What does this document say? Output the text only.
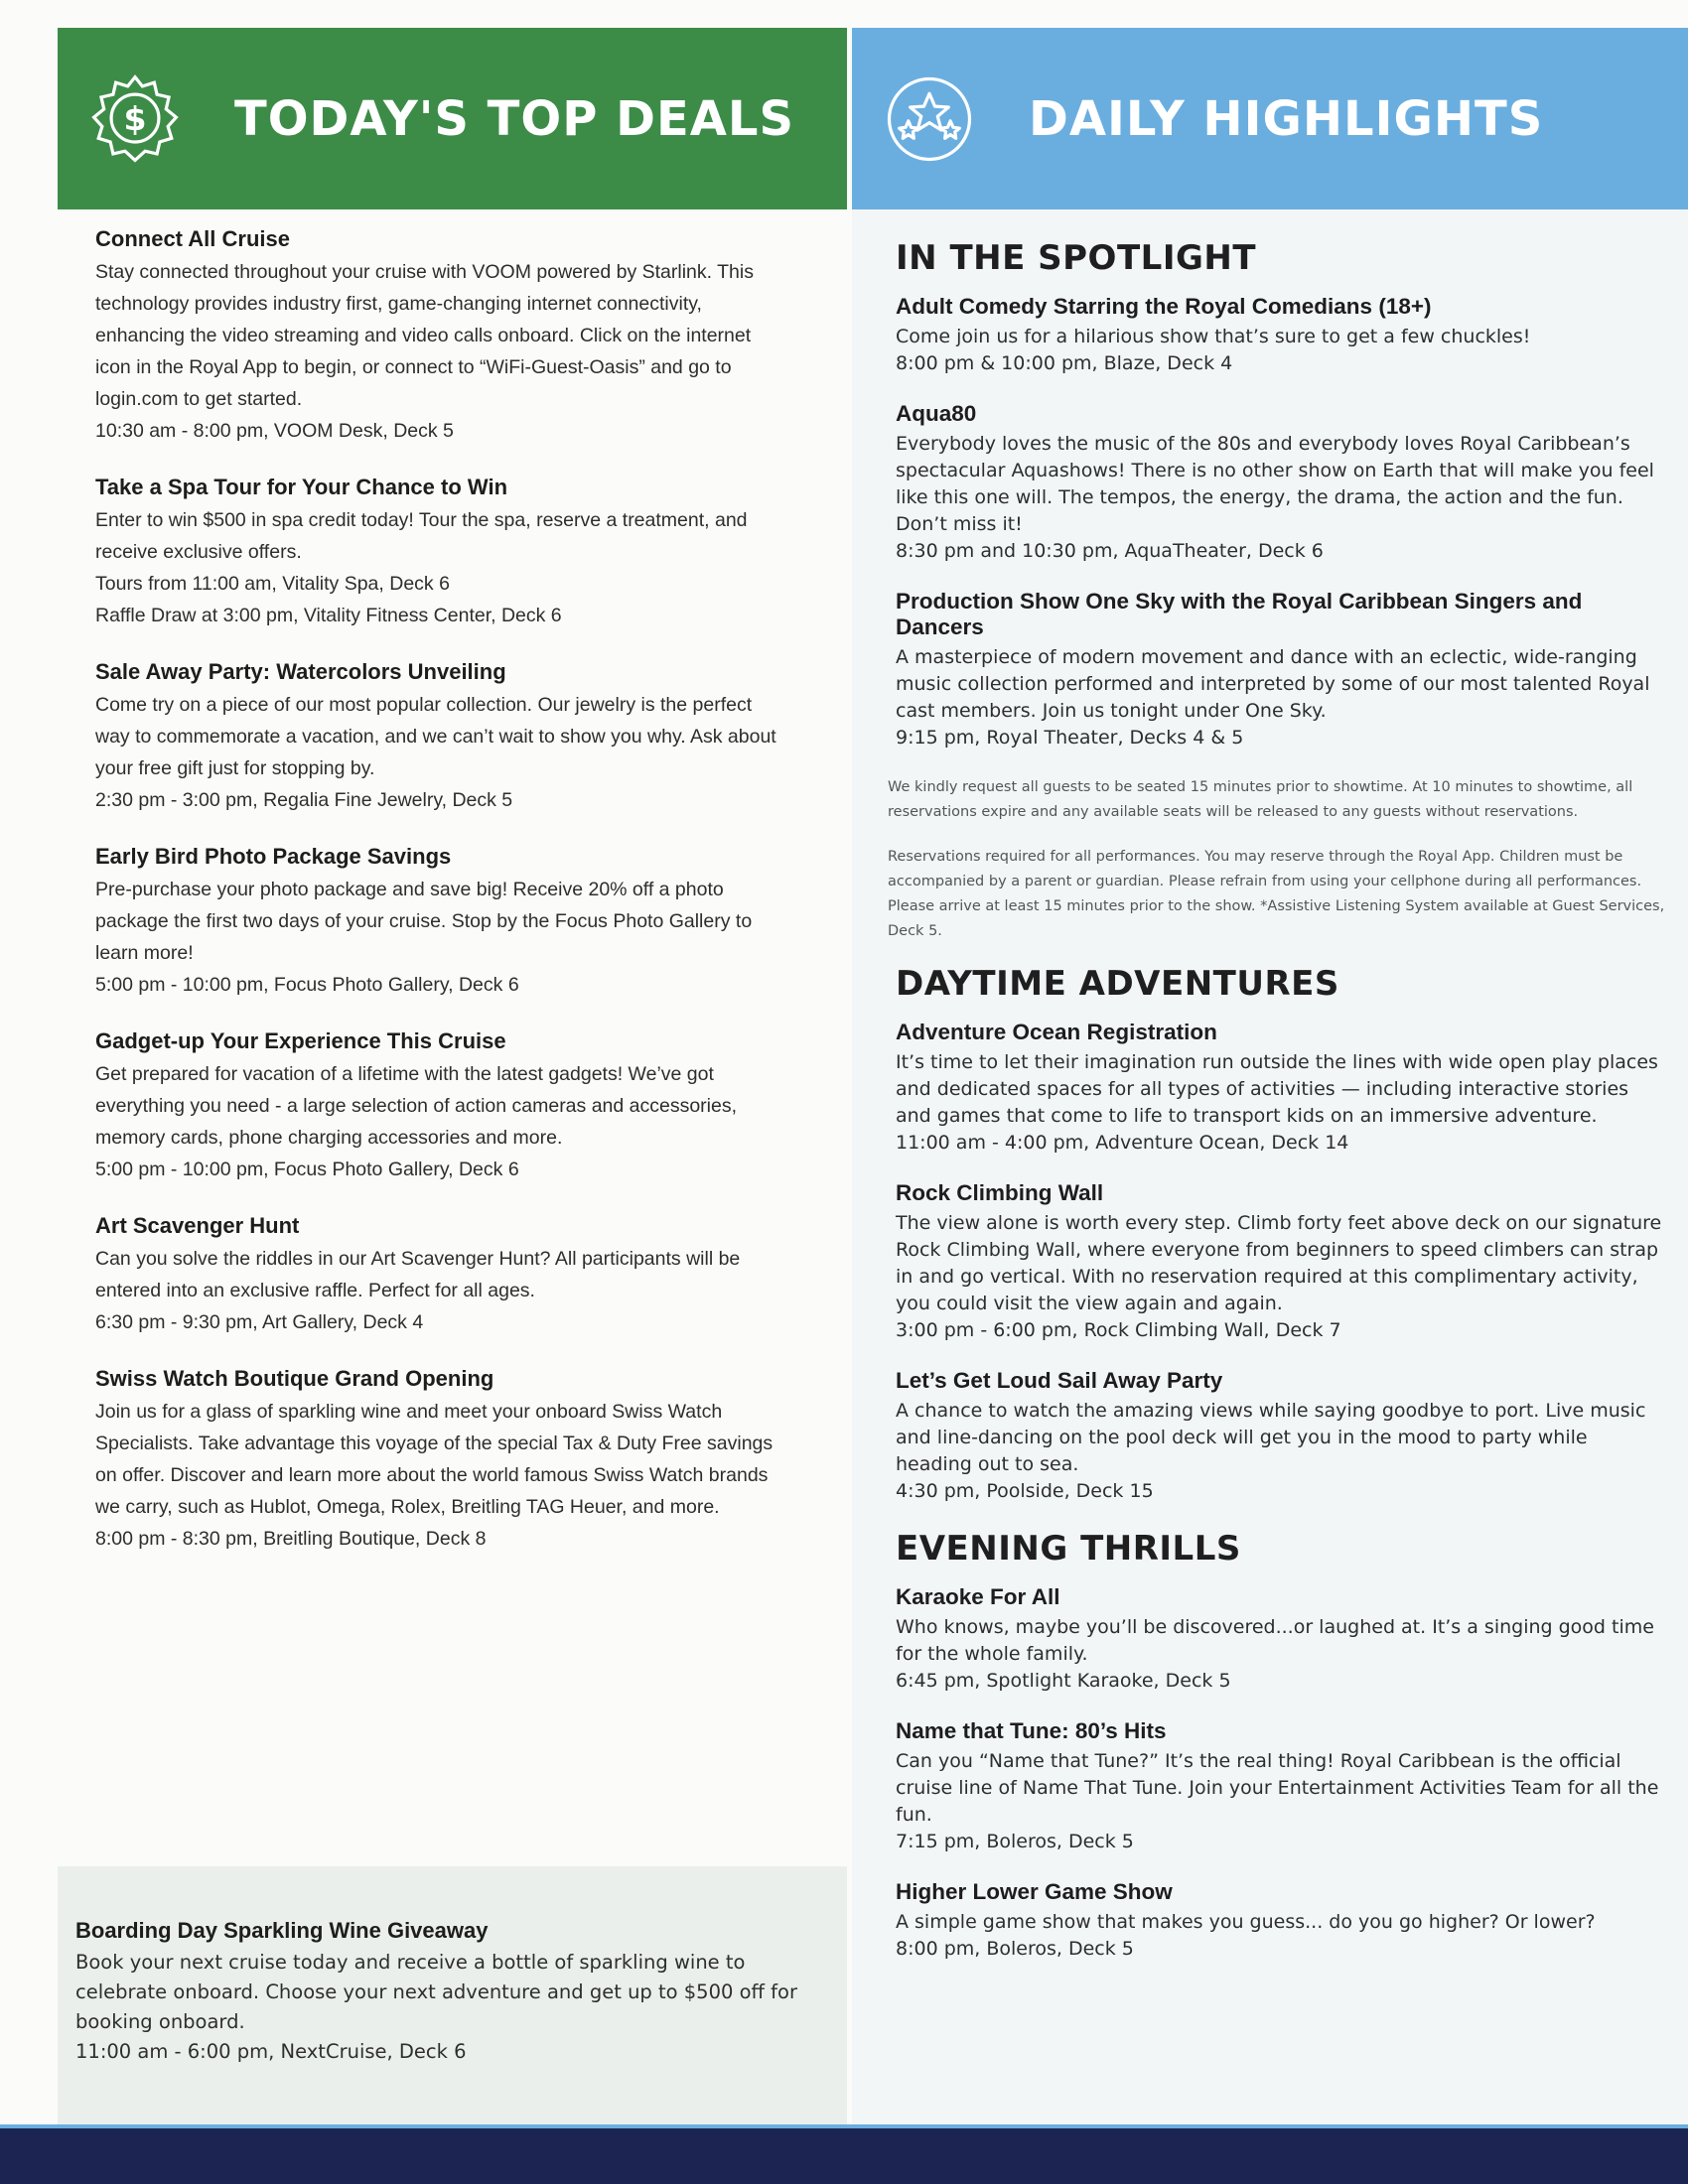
$ TODAY'S TOP DEALS	DAILY HIGHLIGHTS
Connect All Cruise
Stay connected throughout your cruise with VOOM powered by Starlink. This technology provides industry first, game-changing internet connectivity, enhancing the video streaming and video calls onboard. Click on the internet icon in the Royal App to begin, or connect to “WiFi-Guest-Oasis” and go to login.com to get started.
10:30 am - 8:00 pm, VOOM Desk, Deck 5
Take a Spa Tour for Your Chance to Win
Enter to win $500 in spa credit today! Tour the spa, reserve a treatment, and receive exclusive offers.
Tours from 11:00 am, Vitality Spa, Deck 6
Raffle Draw at 3:00 pm, Vitality Fitness Center, Deck 6
Sale Away Party: Watercolors Unveiling
Come try on a piece of our most popular collection. Our jewelry is the perfect way to commemorate a vacation, and we can’t wait to show you why. Ask about your free gift just for stopping by.
2:30 pm - 3:00 pm, Regalia Fine Jewelry, Deck 5
Early Bird Photo Package Savings
Pre-purchase your photo package and save big! Receive 20% off a photo package the first two days of your cruise. Stop by the Focus Photo Gallery to learn more!
5:00 pm - 10:00 pm, Focus Photo Gallery, Deck 6
Gadget-up Your Experience This Cruise
Get prepared for vacation of a lifetime with the latest gadgets! We’ve got everything you need - a large selection of action cameras and accessories, memory cards, phone charging accessories and more.
5:00 pm - 10:00 pm, Focus Photo Gallery, Deck 6
Art Scavenger Hunt
Can you solve the riddles in our Art Scavenger Hunt? All participants will be entered into an exclusive raffle. Perfect for all ages.
6:30 pm - 9:30 pm, Art Gallery, Deck 4
Swiss Watch Boutique Grand Opening
Join us for a glass of sparkling wine and meet your onboard Swiss Watch Specialists. Take advantage this voyage of the special Tax & Duty Free savings on offer. Discover and learn more about the world famous Swiss Watch brands we carry, such as Hublot, Omega, Rolex, Breitling TAG Heuer, and more.
8:00 pm - 8:30 pm, Breitling Boutique, Deck 8
Boarding Day Sparkling Wine Giveaway
Book your next cruise today and receive a bottle of sparkling wine to celebrate onboard. Choose your next adventure and get up to $500 off for booking onboard.
11:00 am - 6:00 pm, NextCruise, Deck 6
IN THE SPOTLIGHT
Adult Comedy Starring the Royal Comedians (18+)
Come join us for a hilarious show that’s sure to get a few chuckles!
8:00 pm & 10:00 pm, Blaze, Deck 4
Aqua80
Everybody loves the music of the 80s and everybody loves Royal Caribbean’s spectacular Aquashows! There is no other show on Earth that will make you feel like this one will. The tempos, the energy, the drama, the action and the fun. Don’t miss it!
8:30 pm and 10:30 pm, AquaTheater, Deck 6
Production Show One Sky with the Royal Caribbean Singers and Dancers
A masterpiece of modern movement and dance with an eclectic, wide-ranging music collection performed and interpreted by some of our most talented Royal cast members. Join us tonight under One Sky.
9:15 pm, Royal Theater, Decks 4 & 5
We kindly request all guests to be seated 15 minutes prior to showtime. At 10 minutes to showtime, all reservations expire and any available seats will be released to any guests without reservations.
Reservations required for all performances. You may reserve through the Royal App. Children must be accompanied by a parent or guardian. Please refrain from using your cellphone during all performances. Please arrive at least 15 minutes prior to the show. *Assistive Listening System available at Guest Services, Deck 5.
DAYTIME ADVENTURES
Adventure Ocean Registration
It’s time to let their imagination run outside the lines with wide open play places and dedicated spaces for all types of activities — including interactive stories and games that come to life to transport kids on an immersive adventure.
11:00 am - 4:00 pm, Adventure Ocean, Deck 14
Rock Climbing Wall
The view alone is worth every step. Climb forty feet above deck on our signature Rock Climbing Wall, where everyone from beginners to speed climbers can strap in and go vertical. With no reservation required at this complimentary activity, you could visit the view again and again.
3:00 pm - 6:00 pm, Rock Climbing Wall, Deck 7
Let’s Get Loud Sail Away Party
A chance to watch the amazing views while saying goodbye to port. Live music and line-dancing on the pool deck will get you in the mood to party while heading out to sea.
4:30 pm, Poolside, Deck 15
EVENING THRILLS
Karaoke For All
Who knows, maybe you’ll be discovered...or laughed at. It’s a singing good time for the whole family.
6:45 pm, Spotlight Karaoke, Deck 5
Name that Tune: 80’s Hits
Can you “Name that Tune?” It’s the real thing! Royal Caribbean is the official cruise line of Name That Tune. Join your Entertainment Activities Team for all the fun.
7:15 pm, Boleros, Deck 5
Higher Lower Game Show
A simple game show that makes you guess... do you go higher? Or lower?
8:00 pm, Boleros, Deck 5
